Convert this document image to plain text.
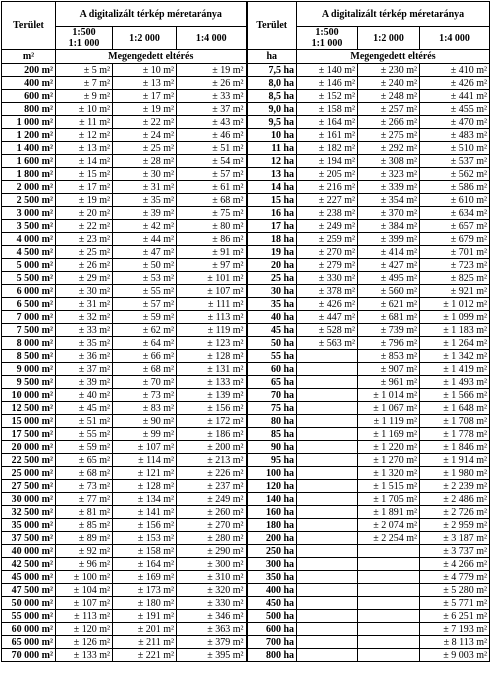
Terület	A digitalizált térkép méretaránya			Terület	A digitalizált térkép méretaránya		
	1:500
1:1 000	1:2 000	1:4 000		1:500
1:1 000	1:2 000	1:4 000
m²	Megengedett eltérés			ha	Megengedett eltérés		
200 m²	± 5 m²	± 10 m²	± 19 m²	7,5 ha	± 140 m²	± 230 m²	± 410 m²
400 m²	± 7 m²	± 13 m²	± 26 m²	8,0 ha	± 146 m²	± 240 m²	± 426 m²
600 m²	± 9 m²	± 17 m²	± 33 m²	8,5 ha	± 152 m²	± 248 m²	± 441 m²
800 m²	± 10 m²	± 19 m²	± 37 m²	9,0 ha	± 158 m²	± 257 m²	± 455 m²
1 000 m²	± 11 m²	± 22 m²	± 43 m²	9,5 ha	± 164 m²	± 266 m²	± 470 m²
1 200 m²	± 12 m²	± 24 m²	± 46 m²	10 ha	± 161 m²	± 275 m²	± 483 m²
1 400 m²	± 13 m²	± 25 m²	± 51 m²	11 ha	± 182 m²	± 292 m²	± 510 m²
1 600 m²	± 14 m²	± 28 m²	± 54 m²	12 ha	± 194 m²	± 308 m²	± 537 m²
1 800 m²	± 15 m²	± 30 m²	± 57 m²	13 ha	± 205 m²	± 323 m²	± 562 m²
2 000 m²	± 17 m²	± 31 m²	± 61 m²	14 ha	± 216 m²	± 339 m²	± 586 m²
2 500 m²	± 19 m²	± 35 m²	± 68 m²	15 ha	± 227 m²	± 354 m²	± 610 m²
3 000 m²	± 20 m²	± 39 m²	± 75 m²	16 ha	± 238 m²	± 370 m²	± 634 m²
3 500 m²	± 22 m²	± 42 m²	± 80 m²	17 ha	± 249 m²	± 384 m²	± 657 m²
4 000 m²	± 23 m²	± 44 m²	± 86 m²	18 ha	± 259 m²	± 399 m²	± 679 m²
4 500 m²	± 25 m²	± 47 m²	± 91 m²	19 ha	± 270 m²	± 414 m²	± 701 m²
5 000 m²	± 26 m²	± 50 m²	± 97 m²	20 ha	± 279 m²	± 427 m²	± 723 m²
5 500 m²	± 29 m²	± 53 m²	± 101 m²	25 ha	± 330 m²	± 495 m²	± 825 m²
6 000 m²	± 30 m²	± 55 m²	± 107 m²	30 ha	± 378 m²	± 560 m²	± 921 m²
6 500 m²	± 31 m²	± 57 m²	± 111 m²	35 ha	± 426 m²	± 621 m²	± 1 012 m²
7 000 m²	± 32 m²	± 59 m²	± 113 m²	40 ha	± 447 m²	± 681 m²	± 1 099 m²
7 500 m²	± 33 m²	± 62 m²	± 119 m²	45 ha	± 528 m²	± 739 m²	± 1 183 m²
8 000 m²	± 35 m²	± 64 m²	± 123 m²	50 ha	± 563 m²	± 796 m²	± 1 264 m²
8 500 m²	± 36 m²	± 66 m²	± 128 m²	55 ha		± 853 m²	± 1 342 m²
9 000 m²	± 37 m²	± 68 m²	± 131 m²	60 ha		± 907 m²	± 1 419 m²
9 500 m²	± 39 m²	± 70 m²	± 133 m²	65 ha		± 961 m²	± 1 493 m²
10 000 m²	± 40 m²	± 73 m²	± 139 m²	70 ha		± 1 014 m²	± 1 566 m²
12 500 m²	± 45 m²	± 83 m²	± 156 m²	75 ha		± 1 067 m²	± 1 648 m²
15 000 m²	± 51 m²	± 90 m²	± 172 m²	80 ha		± 1 119 m²	± 1 708 m²
17 500 m²	± 55 m²	± 99 m²	± 186 m²	85 ha		± 1 169 m²	± 1 778 m²
20 000 m²	± 59 m²	± 107 m²	± 200 m²	90 ha		± 1 220 m²	± 1 846 m²
22 500 m²	± 65 m²	± 114 m²	± 213 m²	95 ha		± 1 270 m²	± 1 914 m²
25 000 m²	± 68 m²	± 121 m²	± 226 m²	100 ha		± 1 320 m²	± 1 980 m²
27 500 m²	± 73 m²	± 128 m²	± 237 m²	120 ha		± 1 515 m²	± 2 239 m²
30 000 m²	± 77 m²	± 134 m²	± 249 m²	140 ha		± 1 705 m²	± 2 486 m²
32 500 m²	± 81 m²	± 141 m²	± 260 m²	160 ha		± 1 891 m²	± 2 726 m²
35 000 m²	± 85 m²	± 156 m²	± 270 m²	180 ha		± 2 074 m²	± 2 959 m²
37 500 m²	± 89 m²	± 153 m²	± 280 m²	200 ha		± 2 254 m²	± 3 187 m²
40 000 m²	± 92 m²	± 158 m²	± 290 m²	250 ha			± 3 737 m²
42 500 m²	± 96 m²	± 164 m²	± 300 m²	300 ha			± 4 266 m²
45 000 m²	± 100 m²	± 169 m²	± 310 m²	350 ha			± 4 779 m²
47 500 m²	± 104 m²	± 173 m²	± 320 m²	400 ha			± 5 280 m²
50 000 m²	± 107 m²	± 180 m²	± 330 m²	450 ha			± 5 771 m²
55 000 m²	± 113 m²	± 191 m²	± 346 m²	500 ha			± 6 251 m²
60 000 m²	± 120 m²	± 201 m²	± 363 m²	600 ha			± 7 193 m²
65 000 m²	± 126 m²	± 211 m²	± 379 m²	700 ha			± 8 113 m²
70 000 m²	± 133 m²	± 221 m²	± 395 m²	800 ha			± 9 003 m²
